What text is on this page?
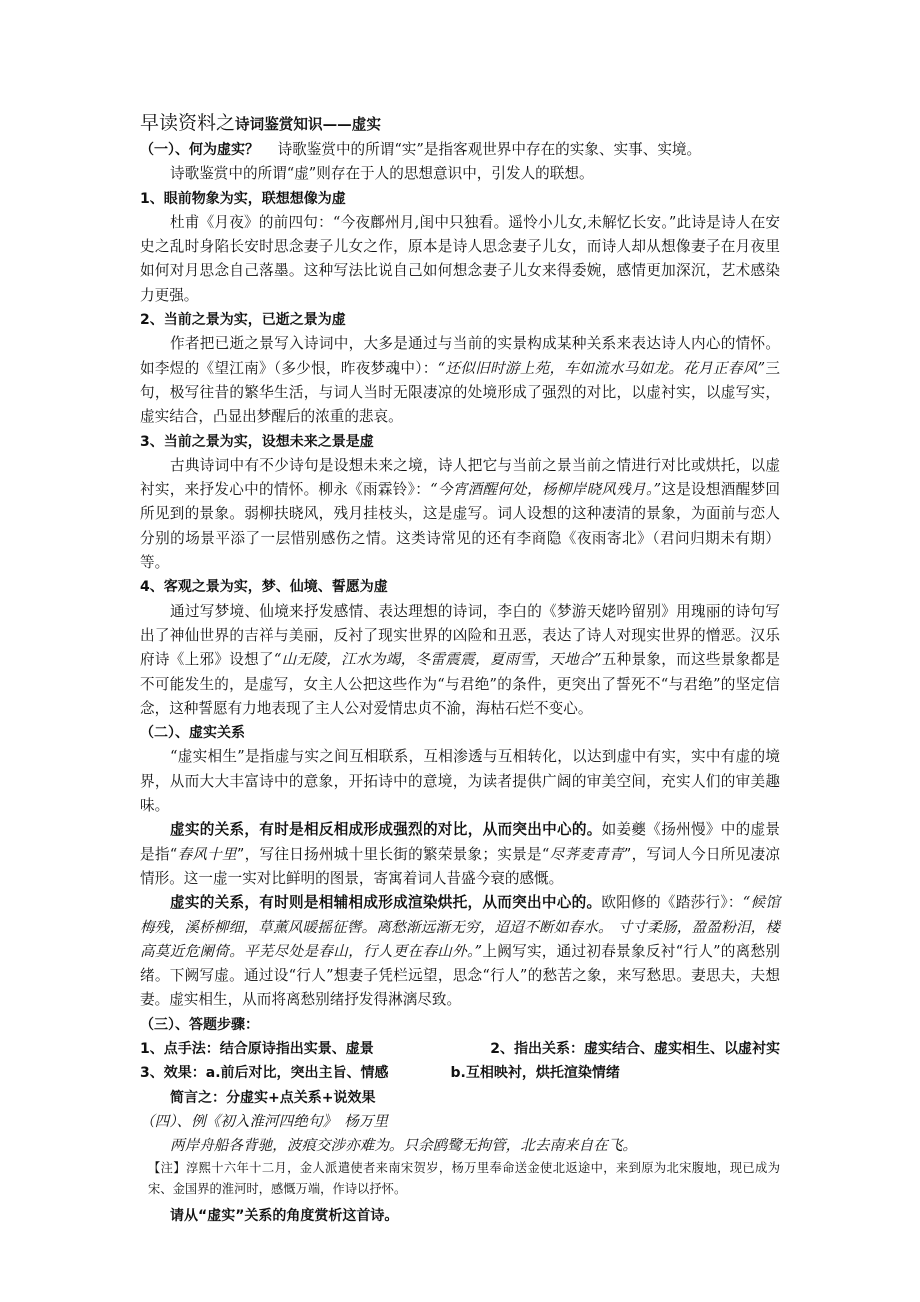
早读资料之诗词鉴赏知识——虚实

（一）、何为虚实？ 诗歌鉴赏中的所谓“实”是指客观世界中存在的实象、实事、实境。

诗歌鉴赏中的所谓“虚”则存在于人的思想意识中，引发人的联想。

1、眼前物象为实，联想想像为虚

杜甫《月夜》的前四句：“今夜鄜州月,闺中只独看。遥怜小儿女,未解忆长安。”此诗是诗人在安史之乱时身陷长安时思念妻子儿女之作，原本是诗人思念妻子儿女，而诗人却从想像妻子在月夜里如何对月思念自己落墨。这种写法比说自己如何想念妻子儿女来得委婉，感情更加深沉，艺术感染力更强。

2、当前之景为实，已逝之景为虚

作者把已逝之景写入诗词中，大多是通过与当前的实景构成某种关系来表达诗人内心的情怀。如李煜的《望江南》（多少恨，昨夜梦魂中）：“还似旧时游上苑，车如流水马如龙。花月正春风”三句，极写往昔的繁华生活，与词人当时无限凄凉的处境形成了强烈的对比，以虚衬实，以虚写实，虚实结合，凸显出梦醒后的浓重的悲哀。

3、当前之景为实，设想未来之景是虚

古典诗词中有不少诗句是设想未来之境，诗人把它与当前之景当前之情进行对比或烘托，以虚衬实，来抒发心中的情怀。柳永《雨霖铃》：“今宵酒醒何处，杨柳岸晓风残月。”这是设想酒醒梦回所见到的景象。弱柳扶晓风，残月挂枝头，这是虚写。词人设想的这种凄清的景象，为面前与恋人分别的场景平添了一层惜别感伤之情。这类诗常见的还有李商隐《夜雨寄北》（君问归期未有期）等。

4、客观之景为实，梦、仙境、誓愿为虚

通过写梦境、仙境来抒发感情、表达理想的诗词，李白的《梦游天姥吟留别》用瑰丽的诗句写出了神仙世界的吉祥与美丽，反衬了现实世界的凶险和丑恶，表达了诗人对现实世界的憎恶。汉乐府诗《上邪》设想了“山无陵，江水为竭，冬雷震震，夏雨雪，天地合”五种景象，而这些景象都是不可能发生的，是虚写，女主人公把这些作为“与君绝”的条件，更突出了誓死不“与君绝”的坚定信念，这种誓愿有力地表现了主人公对爱情忠贞不渝，海枯石烂不变心。

（二）、虚实关系

“虚实相生”是指虚与实之间互相联系，互相渗透与互相转化，以达到虚中有实，实中有虚的境界，从而大大丰富诗中的意象，开拓诗中的意境，为读者提供广阔的审美空间，充实人们的审美趣味。

虚实的关系，有时是相反相成形成强烈的对比，从而突出中心的。如姜夔《扬州慢》中的虚景是指“春风十里”，写往日扬州城十里长街的繁荣景象；实景是“尽荠麦青青”，写词人今日所见凄凉情形。这一虚一实对比鲜明的图景，寄寓着词人昔盛今衰的感慨。

虚实的关系，有时则是相辅相成形成渲染烘托，从而突出中心的。欧阳修的《踏莎行》：“候馆梅残，溪桥柳细，草薰风暖摇征辔。离愁渐远渐无穷，迢迢不断如春水。 寸寸柔肠，盈盈粉泪，楼高莫近危阑倚。平芜尽处是春山，行人更在春山外。”上阙写实，通过初春景象反衬“行人”的离愁别绪。下阙写虚。通过设“行人”想妻子凭栏远望，思念“行人”的愁苦之象，来写愁思。妻思夫，夫想妻。虚实相生，从而将离愁别绪抒发得淋漓尽致。

（三）、答题步骤：

1、点手法：结合原诗指出实景、虚景	2、指出关系：虚实结合、虚实相生、以虚衬实

3、效果：a.前后对比，突出主旨、情感	b.互相映衬，烘托渲染情绪

简言之：分虚实+点关系+说效果

（四）、例《初入淮河四绝句》　杨万里

两岸舟船各背驰，波痕交涉亦难为。只余鸥鹭无拘管，北去南来自在飞。

【注】淳熙十六年十二月，金人派遣使者来南宋贺岁，杨万里奉命送金使北返途中，来到原为北宋腹地，现已成为宋、金国界的淮河时，感慨万端，作诗以抒怀。

请从“虚实”关系的角度赏析这首诗。
